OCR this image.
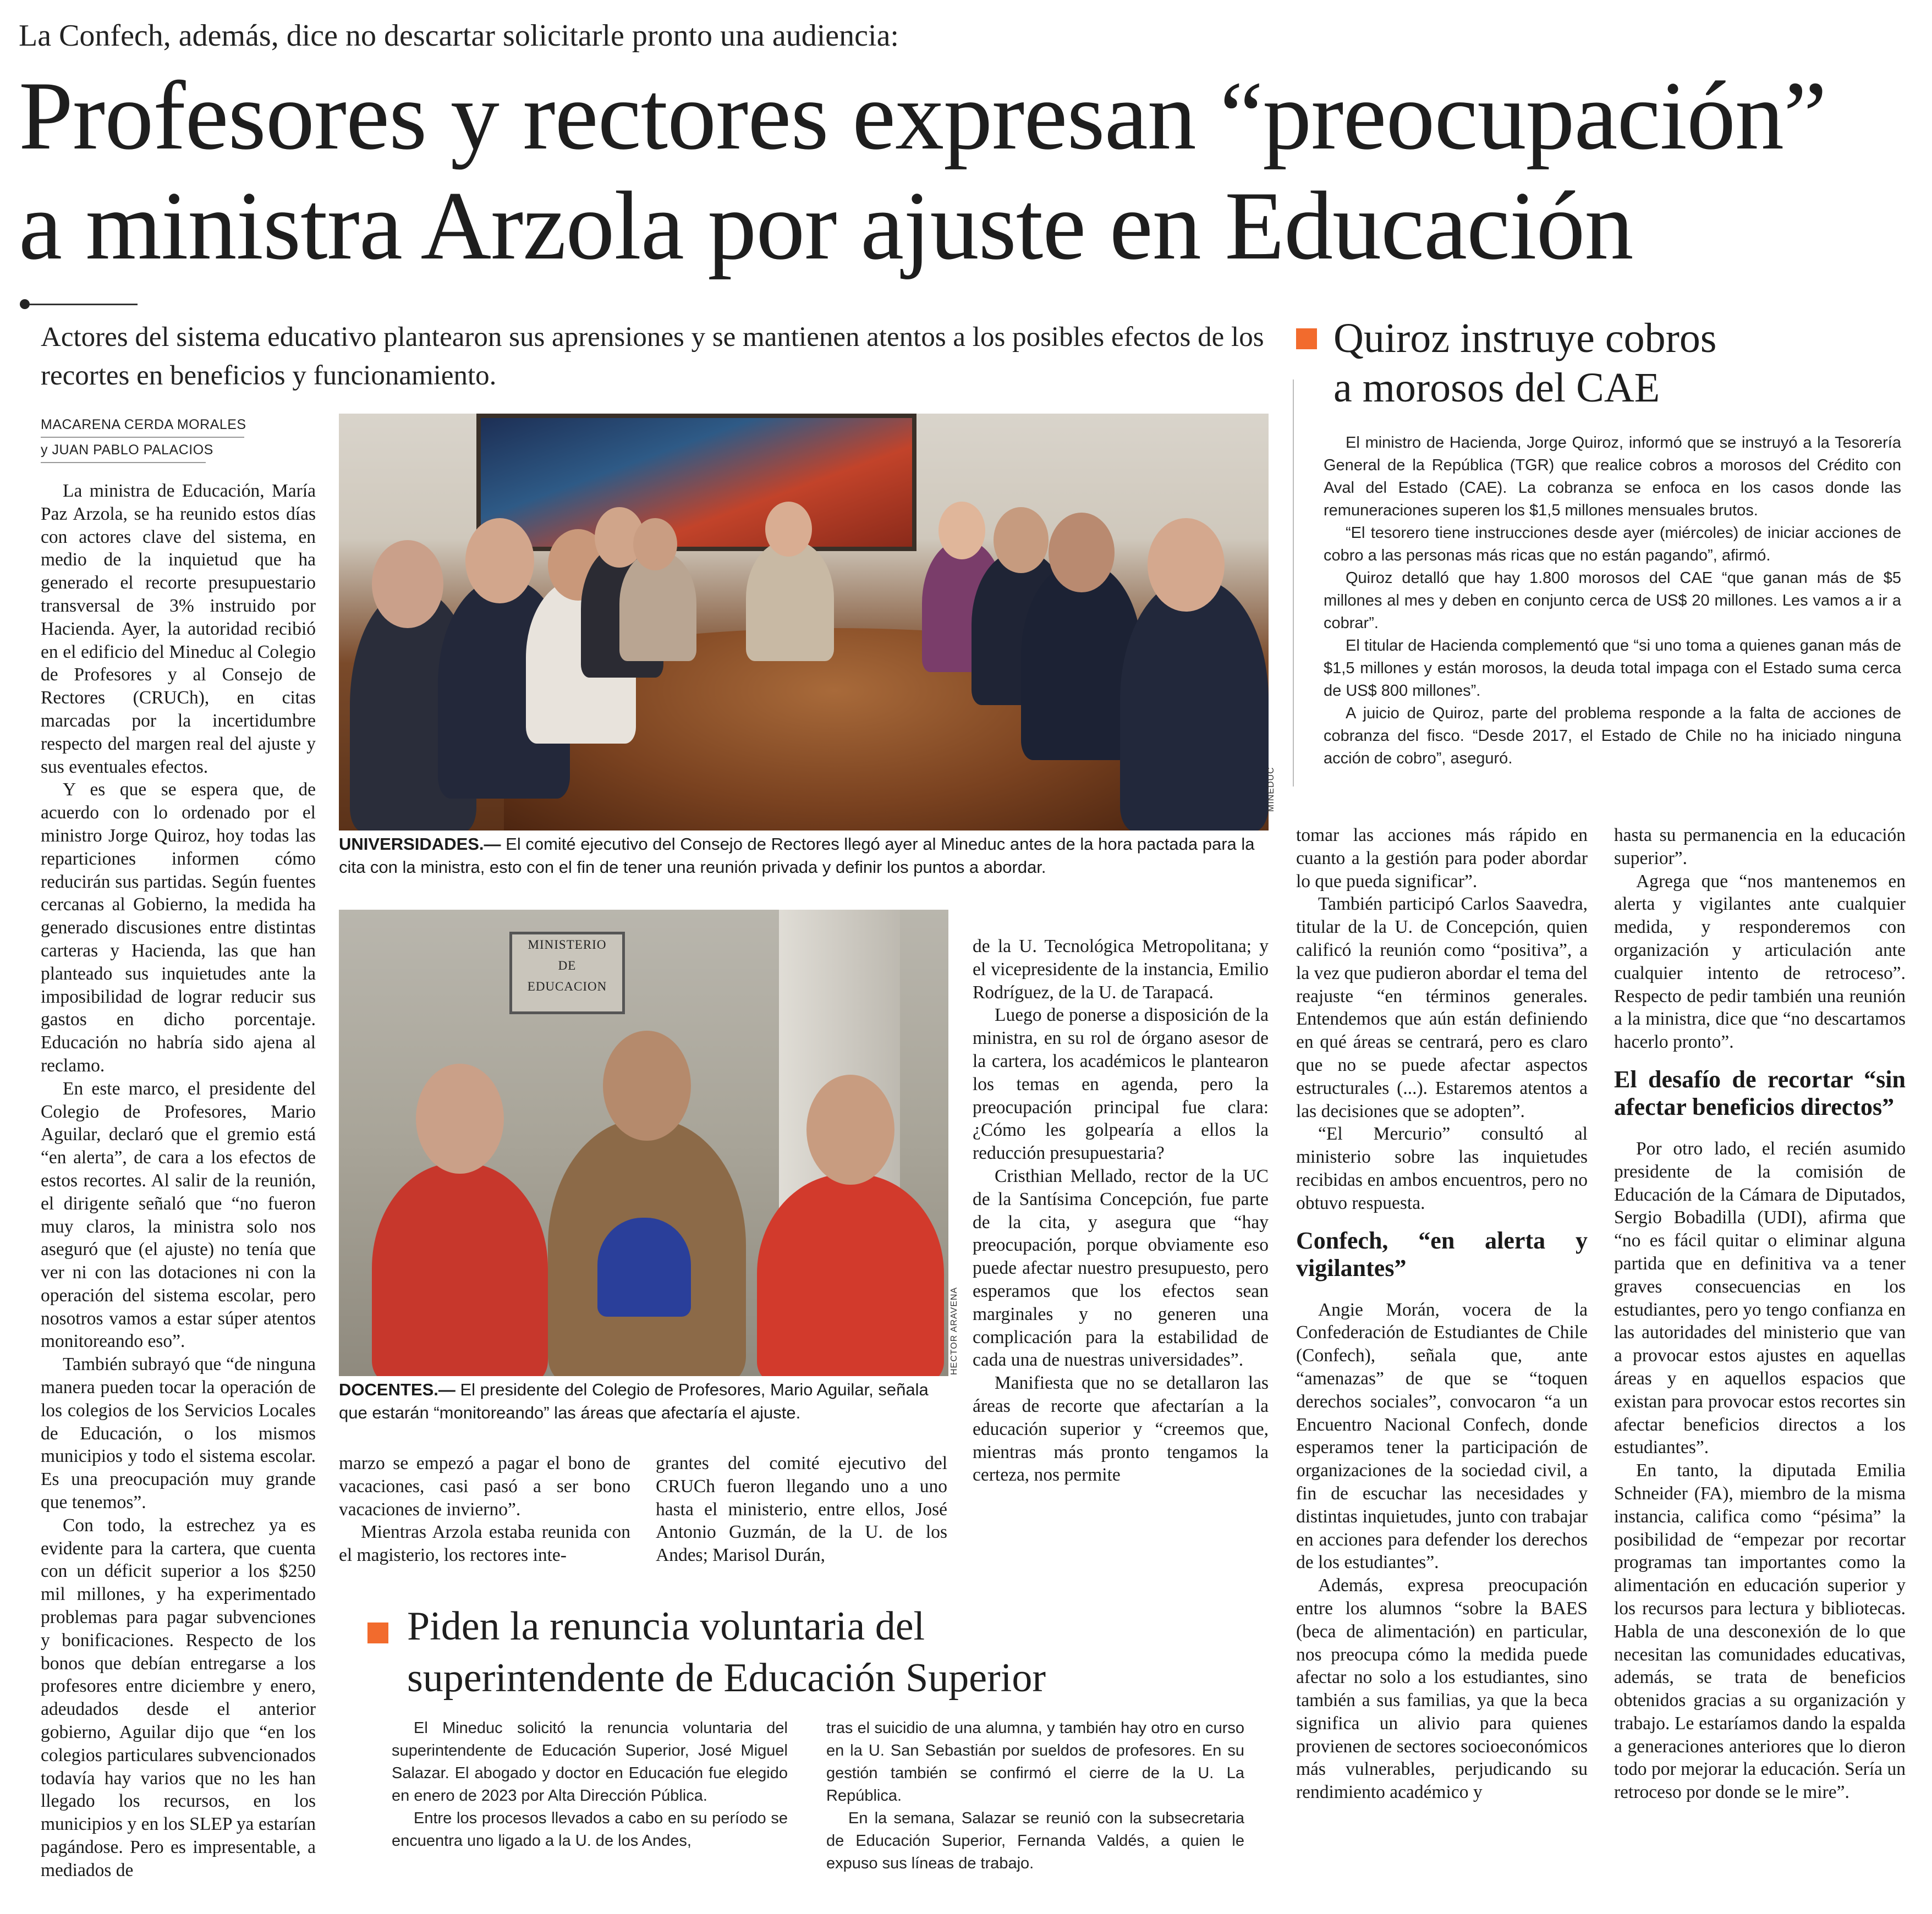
La Confech, además, dice no descartar solicitarle pronto una audiencia:
Profesores y rectores expresan “preocupación”
a ministra Arzola por ajuste en Educación
Actores del sistema educativo plantearon sus aprensiones y se mantienen atentos a los posibles efectos de los recortes en beneficios y funcionamiento.
MACARENA CERDA MORALES
y JUAN PABLO PALACIOS

La ministra de Educación, María Paz Arzola, se ha reunido estos días con actores clave del sistema, en medio de la inquietud que ha generado el recorte presupuestario transversal de 3% instruido por Hacienda. Ayer, la autoridad recibió en el edificio del Mineduc al Colegio de Profesores y al Consejo de Rectores (CRUCh), en citas marcadas por la incertidumbre respecto del margen real del ajuste y sus eventuales efectos.

Y es que se espera que, de acuerdo con lo ordenado por el ministro Jorge Quiroz, hoy todas las reparticiones informen cómo reducirán sus partidas. Según fuentes cercanas al Gobierno, la medida ha generado discusiones entre distintas carteras y Hacienda, las que han planteado sus inquietudes ante la imposibilidad de lograr reducir sus gastos en dicho porcentaje. Educación no habría sido ajena al reclamo.

En este marco, el presidente del Colegio de Profesores, Mario Aguilar, declaró que el gremio está “en alerta”, de cara a los efectos de estos recortes. Al salir de la reunión, el dirigente señaló que “no fueron muy claros, la ministra solo nos aseguró que (el ajuste) no tenía que ver ni con las dotaciones ni con la operación del sistema escolar, pero nosotros vamos a estar súper atentos monitoreando eso”.

También subrayó que “de ninguna manera pueden tocar la operación de los colegios de los Servicios Locales de Educación, o los mismos municipios y todo el sistema escolar. Es una preocupación muy grande que tenemos”.

Con todo, la estrechez ya es evidente para la cartera, que cuenta con un déficit superior a los $250 mil millones, y ha experimentado problemas para pagar subvenciones y bonificaciones. Respecto de los bonos que debían entregarse a los profesores entre diciembre y enero, adeudados desde el anterior gobierno, Aguilar dijo que “en los colegios particulares subvencionados todavía hay varios que no les han llegado los recursos, en los municipios y en los SLEP ya estarían pagándose. Pero es impresentable, a mediados de

MINEDUC
UNIVERSIDADES.— El comité ejecutivo del Consejo de Rectores llegó ayer al Mineduc antes de la hora pactada para la cita con la ministra, esto con el fin de tener una reunión privada y definir los puntos a abordar.
MINISTERIO
DE
EDUCACION
HECTOR ARAVENA
DOCENTES.— El presidente del Colegio de Profesores, Mario Aguilar, señala que estarán “monitoreando” las áreas que afectaría el ajuste.

marzo se empezó a pagar el bono de vacaciones, casi pasó a ser bono vacaciones de invierno”.

Mientras Arzola estaba reunida con el magisterio, los rectores inte-

grantes del comité ejecutivo del CRUCh fueron llegando uno a uno hasta el ministerio, entre ellos, José Antonio Guzmán, de la U. de los Andes; Marisol Durán,

de la U. Tecnológica Metropolitana; y el vicepresidente de la instancia, Emilio Rodríguez, de la U. de Tarapacá.

Luego de ponerse a disposición de la ministra, en su rol de órgano asesor de la cartera, los académicos le plantearon los temas en agenda, pero la preocupación principal fue clara: ¿Cómo les golpearía a ellos la reducción presupuestaria?

Cristhian Mellado, rector de la UC de la Santísima Concepción, fue parte de la cita, y asegura que “hay preocupación, porque obviamente eso puede afectar nuestro presupuesto, pero esperamos que los efectos sean marginales y no generen una complicación para la estabilidad de cada una de nuestras universidades”.

Manifiesta que no se detallaron las áreas de recorte que afectarían a la educación superior y “creemos que, mientras más pronto tengamos la certeza, nos permite

Quiroz instruye cobros
a morosos del CAE

El ministro de Hacienda, Jorge Quiroz, informó que se instruyó a la Tesorería General de la República (TGR) que realice cobros a morosos del Crédito con Aval del Estado (CAE). La cobranza se enfoca en los casos donde las remuneraciones superen los $1,5 millones mensuales brutos.

“El tesorero tiene instrucciones desde ayer (miércoles) de iniciar acciones de cobro a las personas más ricas que no están pagando”, afirmó.

Quiroz detalló que hay 1.800 morosos del CAE “que ganan más de $5 millones al mes y deben en conjunto cerca de US$ 20 millones. Les vamos a ir a cobrar”.

El titular de Hacienda complementó que “si uno toma a quienes ganan más de $1,5 millones y están morosos, la deuda total impaga con el Estado suma cerca de US$ 800 millones”.

A juicio de Quiroz, parte del problema responde a la falta de acciones de cobranza del fisco. “Desde 2017, el Estado de Chile no ha iniciado ninguna acción de cobro”, aseguró.

tomar las acciones más rápido en cuanto a la gestión para poder abordar lo que pueda significar”.

También participó Carlos Saavedra, titular de la U. de Concepción, quien calificó la reunión como “positiva”, a la vez que pudieron abordar el tema del reajuste “en términos generales. Entendemos que aún están definiendo en qué áreas se centrará, pero es claro que no se puede afectar aspectos estructurales (...). Estaremos atentos a las decisiones que se adopten”.

“El Mercurio” consultó al ministerio sobre las inquietudes recibidas en ambos encuentros, pero no obtuvo respuesta.

Confech, “en alerta y vigilantes”

Angie Morán, vocera de la Confederación de Estudiantes de Chile (Confech), señala que, ante “amenazas” de que se “toquen derechos sociales”, convocaron “a un Encuentro Nacional Confech, donde esperamos tener la participación de organizaciones de la sociedad civil, a fin de escuchar las necesidades y distintas inquietudes, junto con trabajar en acciones para defender los derechos de los estudiantes”.

Además, expresa preocupación entre los alumnos “sobre la BAES (beca de alimentación) en particular, nos preocupa cómo la medida puede afectar no solo a los estudiantes, sino también a sus familias, ya que la beca significa un alivio para quienes provienen de sectores socioeconómicos más vulnerables, perjudicando su rendimiento académico y

hasta su permanencia en la educación superior”.

Agrega que “nos mantenemos en alerta y vigilantes ante cualquier medida, y responderemos con organización y articulación ante cualquier intento de retroceso”. Respecto de pedir también una reunión a la ministra, dice que “no descartamos hacerlo pronto”.

El desafío de recortar “sin afectar beneficios directos”

Por otro lado, el recién asumido presidente de la comisión de Educación de la Cámara de Diputados, Sergio Bobadilla (UDI), afirma que “no es fácil quitar o eliminar alguna partida que en definitiva va a tener graves consecuencias en los estudiantes, pero yo tengo confianza en las autoridades del ministerio que van a provocar estos ajustes en aquellas áreas y en aquellos espacios que existan para provocar estos recortes sin afectar beneficios directos a los estudiantes”.

En tanto, la diputada Emilia Schneider (FA), miembro de la misma instancia, califica como “pésima” la posibilidad de “empezar por recortar programas tan importantes como la alimentación en educación superior y los recursos para lectura y bibliotecas. Habla de una desconexión de lo que necesitan las comunidades educativas, además, se trata de beneficios obtenidos gracias a su organización y trabajo. Le estaríamos dando la espalda a generaciones anteriores que lo dieron todo por mejorar la educación. Sería un retroceso por donde se le mire”.

Piden la renuncia voluntaria del
superintendente de Educación Superior

El Mineduc solicitó la renuncia voluntaria del superintendente de Educación Superior, José Miguel Salazar. El abogado y doctor en Educación fue elegido en enero de 2023 por Alta Dirección Pública.

Entre los procesos llevados a cabo en su período se encuentra uno ligado a la U. de los Andes,

tras el suicidio de una alumna, y también hay otro en curso en la U. San Sebastián por sueldos de profesores. En su gestión también se confirmó el cierre de la U. La República.

En la semana, Salazar se reunió con la subsecretaria de Educación Superior, Fernanda Valdés, a quien le expuso sus líneas de trabajo.
